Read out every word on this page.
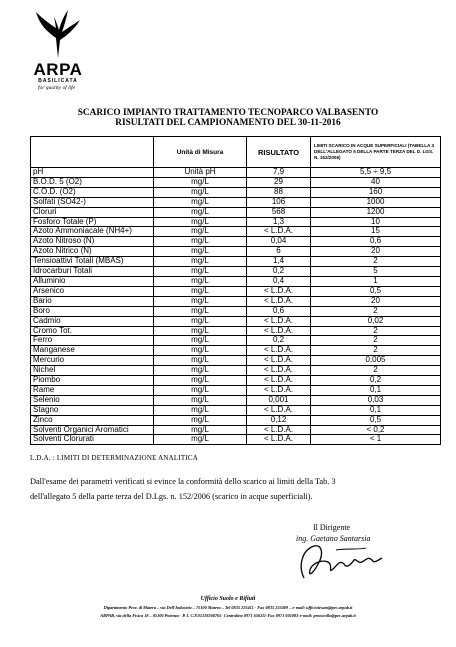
ARPA
BASILICATA
for quality of life
SCARICO IMPIANTO TRATTAMENTO TECNOPARCO VALBASENTO
RISULTATI DEL CAMPIONAMENTO DEL 30-11-2016
	Unità di Misura	RISULTATO	LIMITI SCARICO IN ACQUE SUPERFICIALI (TABELLA 3 DELL'ALLEGATO 5 DELLA PARTE TERZA DEL D. LGS. N. 152/2006)
pH	Unità pH	7,9	5,5 ÷ 9,5
B.O.D. 5 (O2)	mg/L	29	40
C.O.D. (O2)	mg/L	88	160
Solfati (SO42-)	mg/L	106	1000
Cloruri	mg/L	568	1200
Fosforo Totale (P)	mg/L	1,3	10
Azoto Ammoniacale (NH4+)	mg/L	< L.D.A.	15
Azoto Nitroso (N)	mg/L	0,04	0,6
Azoto Nitrico (N)	mg/L	6	20
Tensioattivi Totali (MBAS)	mg/L	1,4	2
Idrocarburi Totali	mg/L	0,2	5
Alluminio	mg/L	0,4	1
Arsenico	mg/L	< L.D.A.	0,5
Bario	mg/L	< L.D.A.	20
Boro	mg/L	0,6	2
Cadmio	mg/L	< L.D.A.	0,02
Cromo Tot.	mg/L	< L.D.A.	2
Ferro	mg/L	0,2	2
Manganese	mg/L	< L.D.A.	2
Mercurio	mg/L	< L.D.A.	0,005
Nichel	mg/L	< L.D.A.	2
Piombo	mg/L	< L.D.A.	0,2
Rame	mg/L	< L.D.A.	0,1
Selenio	mg/L	0,001	0,03
Stagno	mg/L	< L.D.A.	0,1
Zinco	mg/L	0,12	0,5
Solventi Organici Aromatici	mg/L	< L.D.A.	< 0,2
Solventi Clorurati	mg/L	< L.D.A.	< 1
L.D.A. : LIMITI DI DETERMINAZIONE ANALITICA
Dall'esame dei parametri verificati si evince la conformità dello scarico ai limiti della Tab. 3
dell'allegato 5 della parte terza del D.Lgs. n. 152/2006 (scarico in acque superficiali).
Il Dirigente
ing. Gaetano Santarsia
Ufficio Suolo e Rifiuti
Dipartimento Prov. di Matera – via Dell'Industria – 75100 Matera – Tel 0835 225411 - Fax 0835 225409 – e-mail: ufficioiesam@pec.arpab.it
ARPAB, via della Fisica 18 – 85100 Potenza - P. I. C.F.01318260765- Centralino 0971 656111-Fax 0971 601083-e-mail: protocollo@pec.arpab.it
